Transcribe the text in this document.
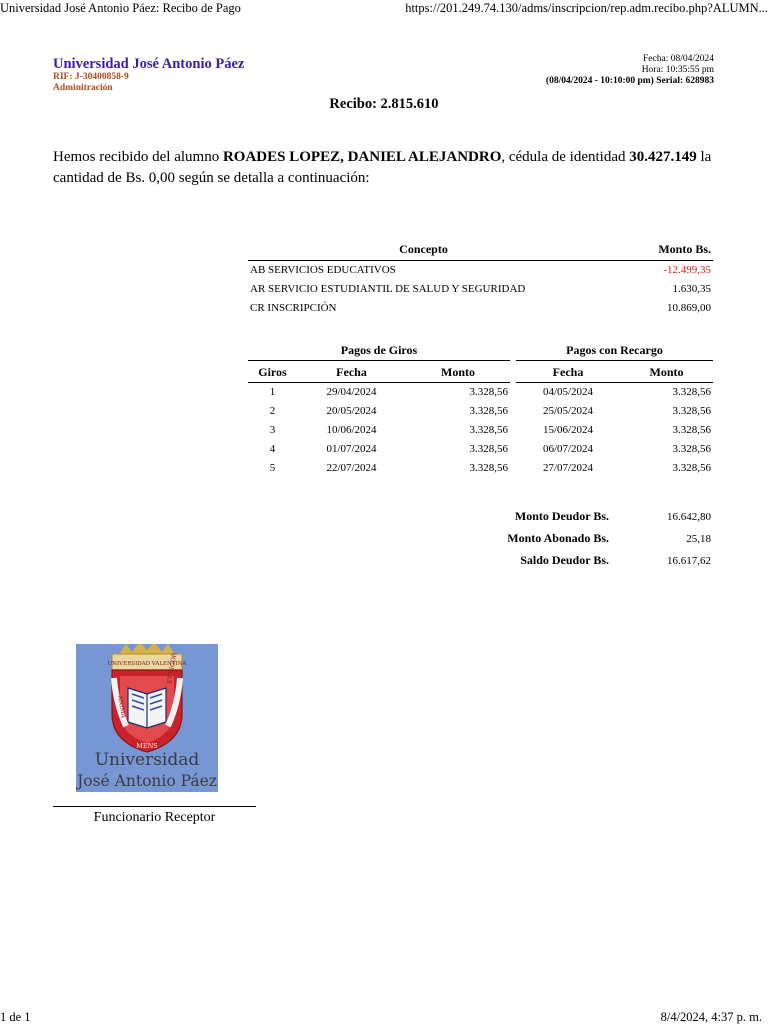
Universidad José Antonio Páez: Recibo de Pago	https://201.249.74.130/adms/inscripcion/rep.adm.recibo.php?ALUMN...
Universidad José Antonio Páez
RIF: J-30400858-9
Adminitración
Fecha: 08/04/2024
Hora: 10:35:55 pm
(08/04/2024 - 10:10:00 pm) Serial: 628983
Recibo: 2.815.610
Hemos recibido del alumno ROADES LOPEZ, DANIEL ALEJANDRO, cédula de identidad 30.427.149 la cantidad de Bs. 0,00 según se detalla a continuación:
Concepto	Monto Bs.
AB SERVICIOS EDUCATIVOS	-12.499,35
AR SERVICIO ESTUDIANTIL DE SALUD Y SEGURIDAD	1.630,35
CR INSCRIPCIÓN	10.869,00
Pagos de Giros				Pagos con Recargo	
Giros	Fecha	Monto		Fecha	Monto
1	29/04/2024	3.328,56		04/05/2024	3.328,56
2	20/05/2024	3.328,56		25/05/2024	3.328,56
3	10/06/2024	3.328,56		15/06/2024	3.328,56
4	01/07/2024	3.328,56		06/07/2024	3.328,56
5	22/07/2024	3.328,56		27/07/2024	3.328,56
Monto Deudor Bs.	16.642,80
Monto Abonado Bs.	25,18
Saldo Deudor Bs.	16.617,62
UNIVERSIDAD VALENTINA
ANIMA
ET VIGOR
MENS
Universidad
José Antonio Páez
Funcionario Receptor
1 de 1	8/4/2024, 4:37 p. m.
